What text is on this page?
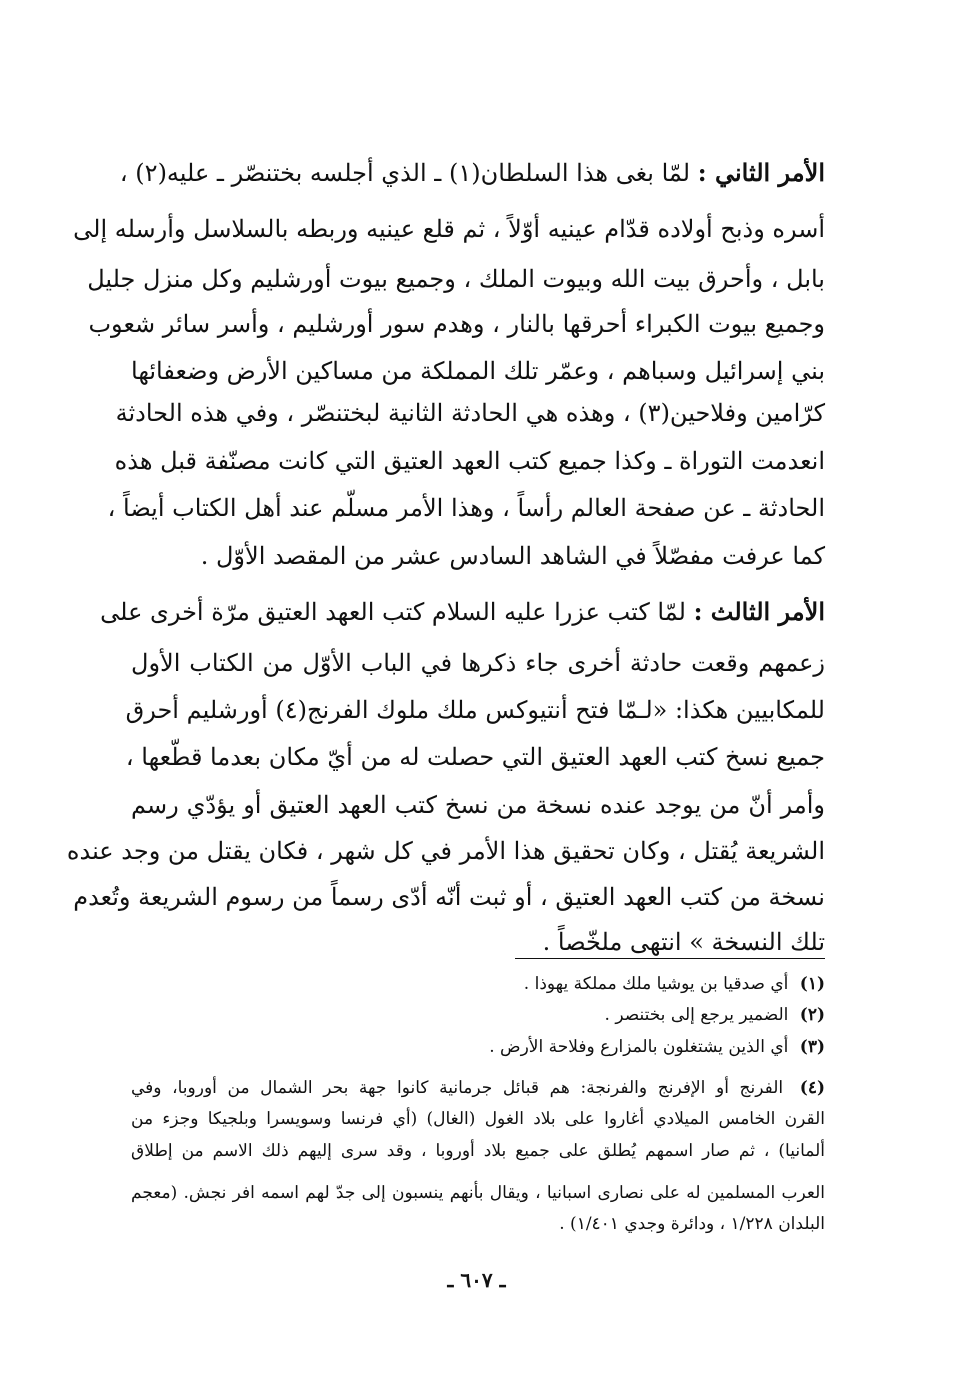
الأمر الثاني : لمّا بغى هذا السلطان(١) ـ الذي أجلسه بختنصّر ـ عليه(٢) ،
أسره وذبح أولاده قدّام عينيه أوّلاً ، ثم قلع عينيه وربطه بالسلاسل وأرسله إلى
بابل ، وأحرق بيت الله وبيوت الملك ، وجميع بيوت أورشليم وكل منزل جليل
وجميع بيوت الكبراء أحرقها بالنار ، وهدم سور أورشليم ، وأسر سائر شعوب
بني إسرائيل وسباهم ، وعمّر تلك المملكة من مساكين الأرض وضعفائها
كرّامين وفلاحين(٣) ، وهذه هي الحادثة الثانية لبختنصّر ، وفي هذه الحادثة
انعدمت التوراة ـ وكذا جميع كتب العهد العتيق التي كانت مصنّفة قبل هذه
الحادثة ـ عن صفحة العالم رأساً ، وهذا الأمر مسلّم عند أهل الكتاب أيضاً ،
كما عرفت مفصّلاً في الشاهد السادس عشر من المقصد الأوّل .
الأمر الثالث : لمّا كتب عزرا عليه السلام كتب العهد العتيق مرّة أخرى على
زعمهم وقعت حادثة أخرى جاء ذكرها في الباب الأوّل من الكتاب الأول
للمكابيين هكذا: «لـمّا فتح أنتيوكس ملك ملوك الفرنج(٤) أورشليم أحرق
جميع نسخ كتب العهد العتيق التي حصلت له من أيّ مكان بعدما قطّعها ،
وأمر أنّ من يوجد عنده نسخة من نسخ كتب العهد العتيق أو يؤدّي رسم
الشريعة يُقتل ، وكان تحقيق هذا الأمر في كل شهر ، فكان يقتل من وجد عنده
نسخة من كتب العهد العتيق ، أو ثبت أنّه أدّى رسماً من رسوم الشريعة وتُعدم
تلك النسخة » انتهى ملخّصاً .
(١) أي صدقيا بن يوشيا ملك مملكة يهوذا .
(٢) الضمير يرجع إلى بختنصر .
(٣) أي الذين يشتغلون بالمزارع وفلاحة الأرض .
(٤) الفرنج أو الإفرنج والفرنجة: هم قبائل جرمانية كانوا جهة بحر الشمال من أوروبا، وفي
القرن الخامس الميلادي أغاروا على بلاد الغول (الغال) (أي فرنسا وسويسرا وبلجيكا وجزء من
ألمانيا) ، ثم صار اسمهم يُطلق على جميع بلاد أوروبا ، وقد سرى إليهم ذلك الاسم من إطلاق
العرب المسلمين له على نصارى اسبانيا ، ويقال بأنهم ينسبون إلى جدّ لهم اسمه افر نجش. (معجم
البلدان ١/٢٢٨ ، ودائرة وجدي ١/٤٠١) .
ـ ٦٠٧ ـ
